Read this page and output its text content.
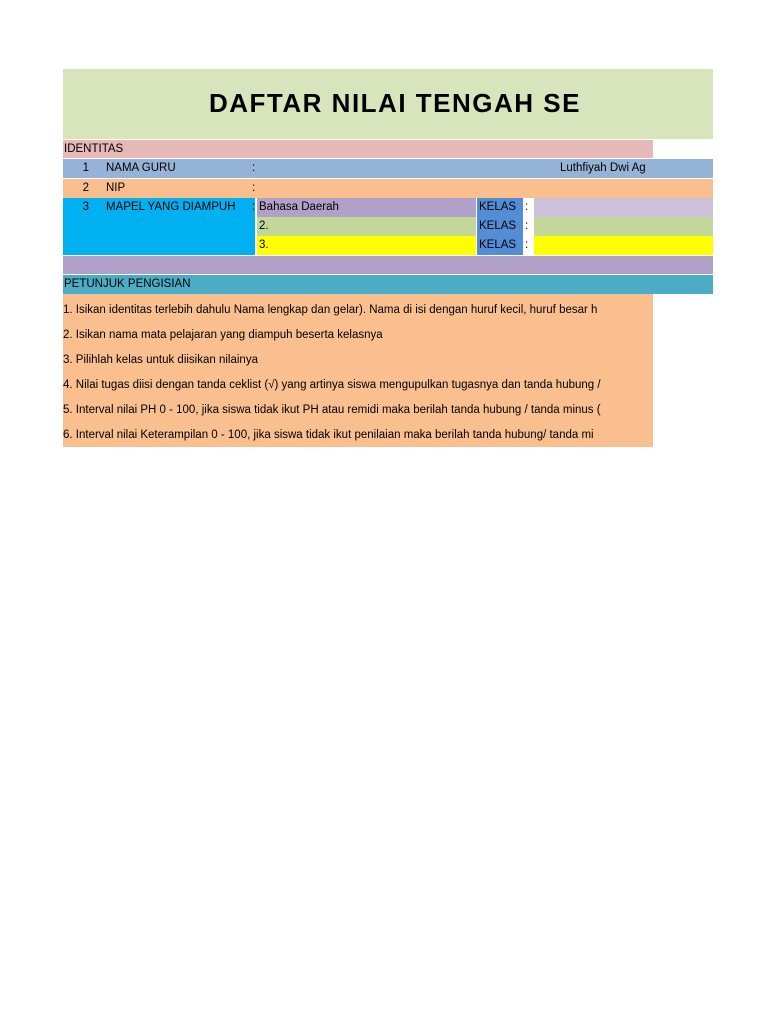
DAFTAR NILAI TENGAH SE
IDENTITAS
1 NAMA GURU	:	Luthfiyah Dwi Ag
2 NIP	:
3 MAPEL YANG DIAMPUH : Bahasa Daerah	KELAS :
2.	KELAS :
3.	KELAS :
PETUNJUK PENGISIAN
1. Isikan identitas terlebih dahulu Nama lengkap dan gelar). Nama di isi dengan huruf kecil, huruf besar h
2. Isikan nama mata pelajaran yang diampuh beserta kelasnya
3. Pilihlah kelas untuk diisikan nilainya
4. Nilai tugas diisi dengan tanda ceklist (√) yang artinya siswa mengupulkan tugasnya dan tanda hubung /
5. Interval nilai PH 0 - 100, jika siswa tidak ikut PH atau remidi maka berilah tanda hubung / tanda minus (
6. Interval nilai Keterampilan 0 - 100, jika siswa tidak ikut penilaian maka berilah tanda hubung/ tanda mi
